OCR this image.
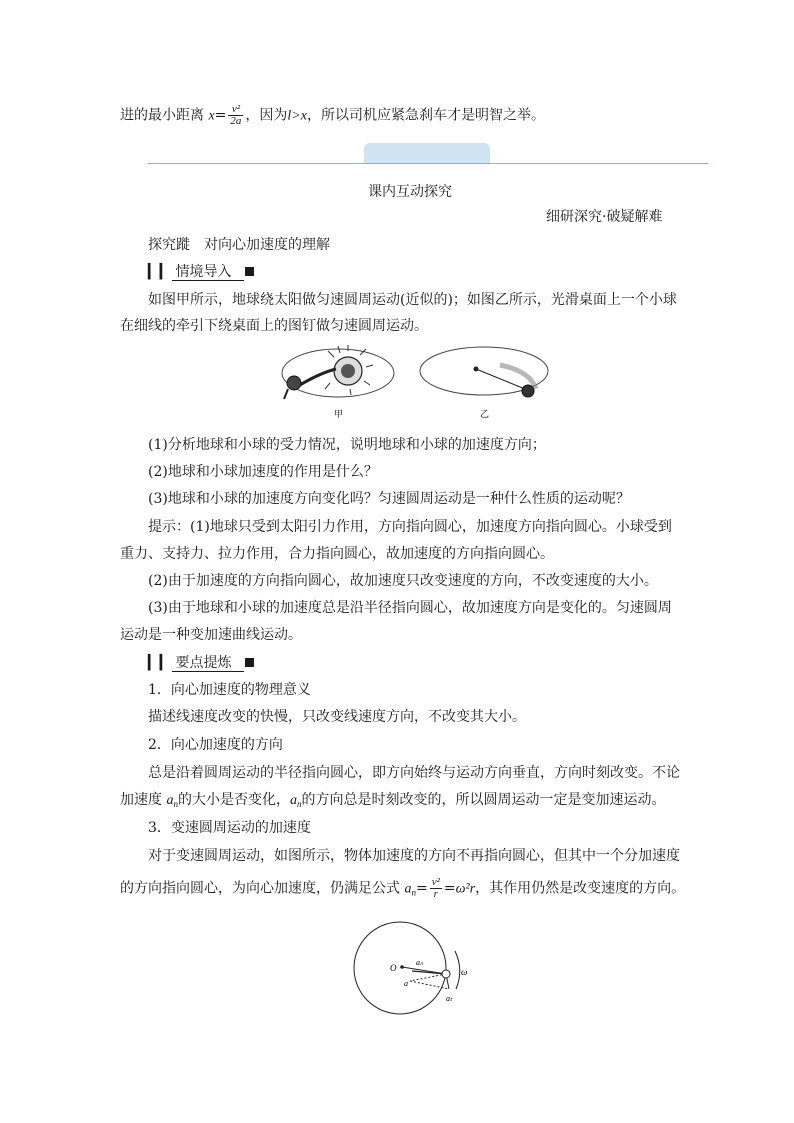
进的最小距离 $x= \frac{\text{v²}}{2a}$ ，因为l>x，所以司机应紧急刹车才是明智之举。
课内互动探究
细研深究·破疑解难
探究蹝　对向心加速度的理解
▎▎ 情境导入
如图甲所示，地球绕太阳做匀速圆周运动(近似的)；如图乙所示，光滑桌面上一个小球
在细线的牵引下绕桌面上的图钉做匀速圆周运动。
甲	乙
(1)分析地球和小球的受力情况，说明地球和小球的加速度方向；
(2)地球和小球加速度的作用是什么？
(3)地球和小球的加速度方向变化吗？匀速圆周运动是一种什么性质的运动呢？
提示：(1)地球只受到太阳引力作用，方向指向圆心，加速度方向指向圆心。小球受到
重力、支持力、拉力作用，合力指向圆心，故加速度的方向指向圆心。
(2)由于加速度的方向指向圆心，故加速度只改变速度的方向，不改变速度的大小。
(3)由于地球和小球的加速度总是沿半径指向圆心，故加速度方向是变化的。匀速圆周
运动是一种变加速曲线运动。
▎▎ 要点提炼
1．向心加速度的物理意义
描述线速度改变的快慢，只改变线速度方向，不改变其大小。
2．向心加速度的方向
总是沿着圆周运动的半径指向圆心，即方向始终与运动方向垂直，方向时刻改变。不论
加速度 $a_n$的大小是否变化，$a_n$的方向总是时刻改变的，所以圆周运动一定是变加速运动。
3．变速圆周运动的加速度
对于变速圆周运动，如图所示，物体加速度的方向不再指向圆心，但其中一个分加速度
的方向指向圆心，为向心加速度，仍满足公式 $a_n= \frac{\text{v²}}{r} =\omega^2r$，其作用仍然是改变速度的方向。
O
aₙ
a
aₜ
ω
